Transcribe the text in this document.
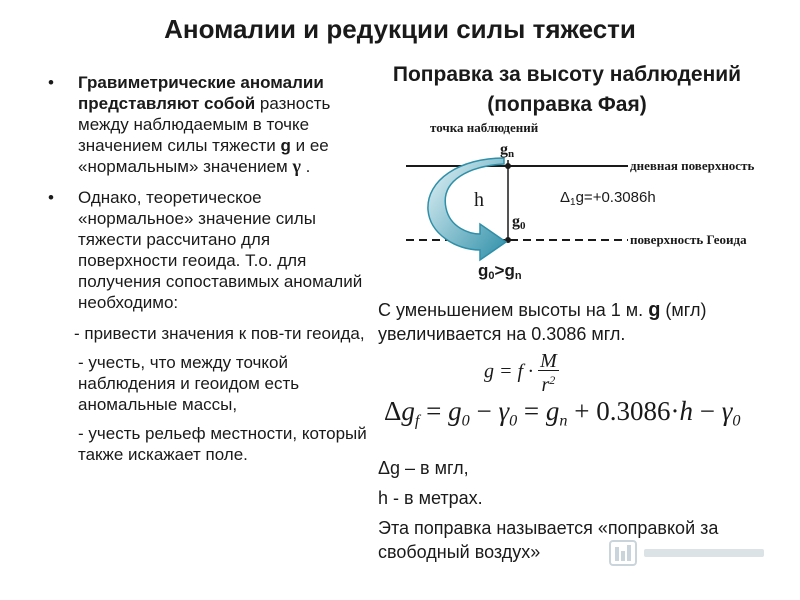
Аномалии и редукции силы тяжести
• Гравиметрические аномалии представляют собой разность между наблюдаемым в точке значением силы тяжести g и ее «нормальным» значением γ .
• Однако, теоретическое «нормальное» значение силы тяжести рассчитано для поверхности геоида. Т.о. для получения сопоставимых аномалий необходимо:
- привести значения к пов-ти геоида,
- учесть, что между точкой наблюдения и геоидом есть аномальные массы,
- учесть рельеф местности, который также искажает поле.
Поправка за высоту наблюдений (поправка Фая)
точка наблюдений
дневная поверхность
поверхность Геоида
h
gn
g0
$\Delta_1g=+0.3086h$
g0>gn
С уменьшением высоты на 1 м. g (мгл) увеличивается на 0.3086 мгл.
$g = f \cdot \frac{M}{r^2}$
$\Delta g_f = g_0 - \gamma_0 = g_n + 0.3086\cdot h - \gamma_0$
Δg – в мгл,
h - в метрах.
Эта поправка называется «поправкой за свободный воздух»
